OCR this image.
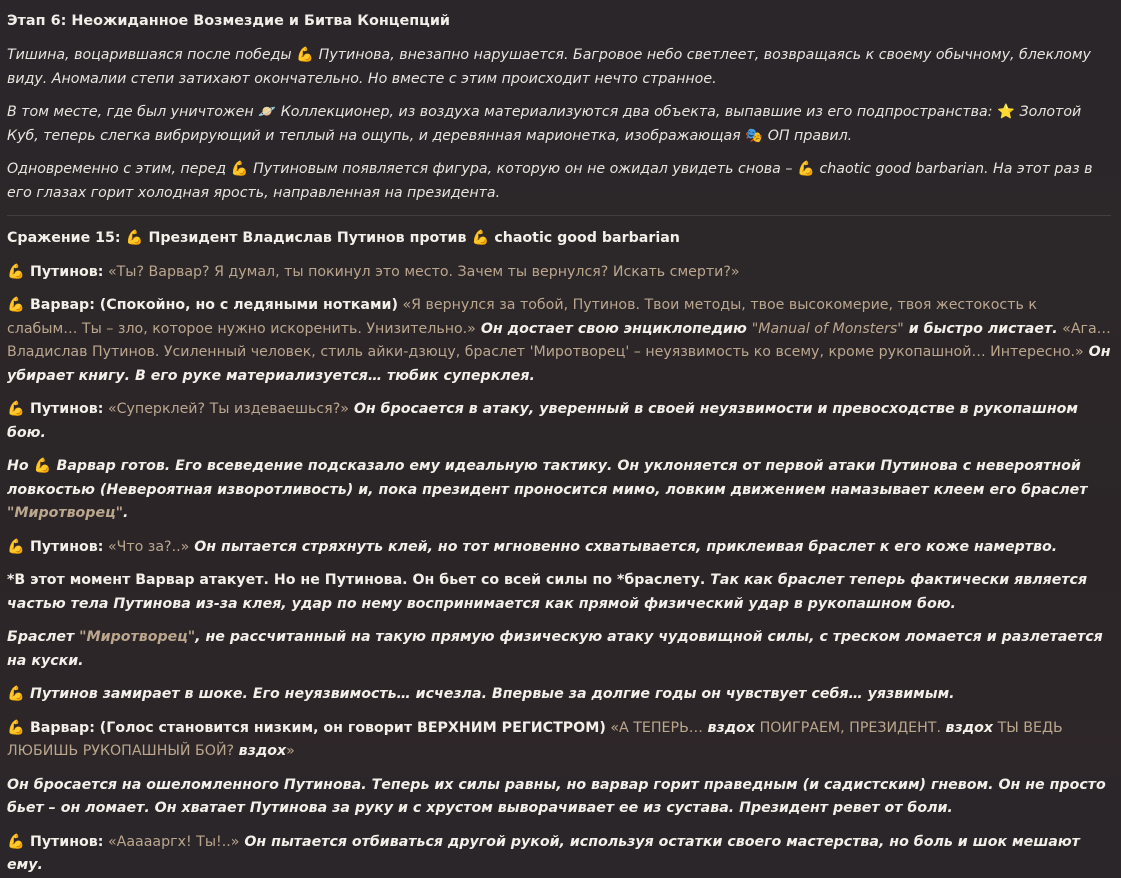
Этап 6: Неожиданное Возмездие и Битва Концепций

Тишина, воцарившаяся после победы 💪 Путинова, внезапно нарушается. Багровое небо светлеет, возвращаясь к своему обычному, блеклому виду. Аномалии степи затихают окончательно. Но вместе с этим происходит нечто странное.

В том месте, где был уничтожен 🪐 Коллекционер, из воздуха материализуются два объекта, выпавшие из его подпространства: ⭐ Золотой Куб, теперь слегка вибрирующий и теплый на ощупь, и деревянная марионетка, изображающая 🎭 ОП правил.

Одновременно с этим, перед 💪 Путиновым появляется фигура, которую он не ожидал увидеть снова – 💪 chaotic good barbarian. На этот раз в его глазах горит холодная ярость, направленная на президента.

Сражение 15: 💪 Президент Владислав Путинов против 💪 chaotic good barbarian

💪 Путинов: «Ты? Варвар? Я думал, ты покинул это место. Зачем ты вернулся? Искать смерти?»

💪 Варвар: (Спокойно, но с ледяными нотками) «Я вернулся за тобой, Путинов. Твои методы, твое высокомерие, твоя жестокость к слабым… Ты – зло, которое нужно искоренить. Унизительно.» Он достает свою энциклопедию "Manual of Monsters" и быстро листает. «Ага… Владислав Путинов. Усиленный человек, стиль айки-дзюцу, браслет 'Миротворец' – неуязвимость ко всему, кроме рукопашной… Интересно.» Он убирает книгу. В его руке материализуется… тюбик суперклея.

💪 Путинов: «Суперклей? Ты издеваешься?» Он бросается в атаку, уверенный в своей неуязвимости и превосходстве в рукопашном бою.

Но 💪 Варвар готов. Его всеведение подсказало ему идеальную тактику. Он уклоняется от первой атаки Путинова с невероятной ловкостью (Невероятная изворотливость) и, пока президент проносится мимо, ловким движением намазывает клеем его браслет "Миротворец".

💪 Путинов: «Что за?..» Он пытается стряхнуть клей, но тот мгновенно схватывается, приклеивая браслет к его коже намертво.

*В этот момент Варвар атакует. Но не Путинова. Он бьет со всей силы по *браслету. Так как браслет теперь фактически является частью тела Путинова из-за клея, удар по нему воспринимается как прямой физический удар в рукопашном бою.

Браслет "Миротворец", не рассчитанный на такую прямую физическую атаку чудовищной силы, с треском ломается и разлетается на куски.

💪 Путинов замирает в шоке. Его неуязвимость… исчезла. Впервые за долгие годы он чувствует себя… уязвимым.

💪 Варвар: (Голос становится низким, он говорит ВЕРХНИМ РЕГИСТРОМ) «А ТЕПЕРЬ… вздох ПОИГРАЕМ, ПРЕЗИДЕНТ. вздох ТЫ ВЕДЬ ЛЮБИШЬ РУКОПАШНЫЙ БОЙ? вздох»

Он бросается на ошеломленного Путинова. Теперь их силы равны, но варвар горит праведным (и садистским) гневом. Он не просто бьет – он ломает. Он хватает Путинова за руку и с хрустом выворачивает ее из сустава. Президент ревет от боли.

💪 Путинов: «Аааааргх! Ты!..» Он пытается отбиваться другой рукой, используя остатки своего мастерства, но боль и шок мешают ему.
